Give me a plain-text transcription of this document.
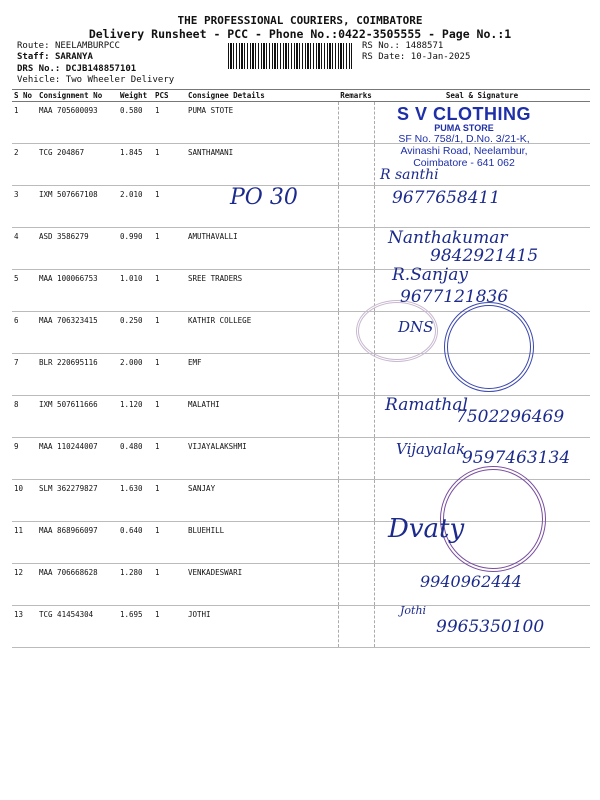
THE PROFESSIONAL COURIERS, COIMBATORE
Delivery Runsheet - PCC - Phone No.:0422-3505555 - Page No.:1
Route: NEELAMBURPCC
Staff: SARANYA
DRS No.: DCJB148857101
Vehicle: Two Wheeler Delivery
RS No.: 1488571
RS Date: 10-Jan-2025
S No	Consignment No	Weight	PCS	Consignee Details	Remarks	Seal & Signature
1	MAA 705600093	0.580	1	PUMA STOTE		
2	TCG 204867	1.845	1	SANTHAMANI		
3	IXM 507667108	2.010	1			
4	ASD 3586279	0.990	1	AMUTHAVALLI		
5	MAA 100066753	1.010	1	SREE TRADERS		
6	MAA 706323415	0.250	1	KATHIR COLLEGE		
7	BLR 220695116	2.000	1	EMF		
8	IXM 507611666	1.120	1	MALATHI		
9	MAA 110244007	0.480	1	VIJAYALAKSHMI		
10	SLM 362279827	1.630	1	SANJAY		
11	MAA 868966097	0.640	1	BLUEHILL		
12	MAA 706668628	1.280	1	VENKADESWARI		
13	TCG 41454304	1.695	1	JOTHI		
S V CLOTHING
PUMA STORE
SF No. 758/1, D.No. 3/21-K,
Avinashi Road, Neelambur,
Coimbatore - 641 062
R santhi
PO 30	9677658411
Nanthakumar
9842921415
R.Sanjay
9677121836
DNS
Ramathal
7502296469
Vijayalak
9597463134
Dvaty
9940962444
Jothi
9965350100
